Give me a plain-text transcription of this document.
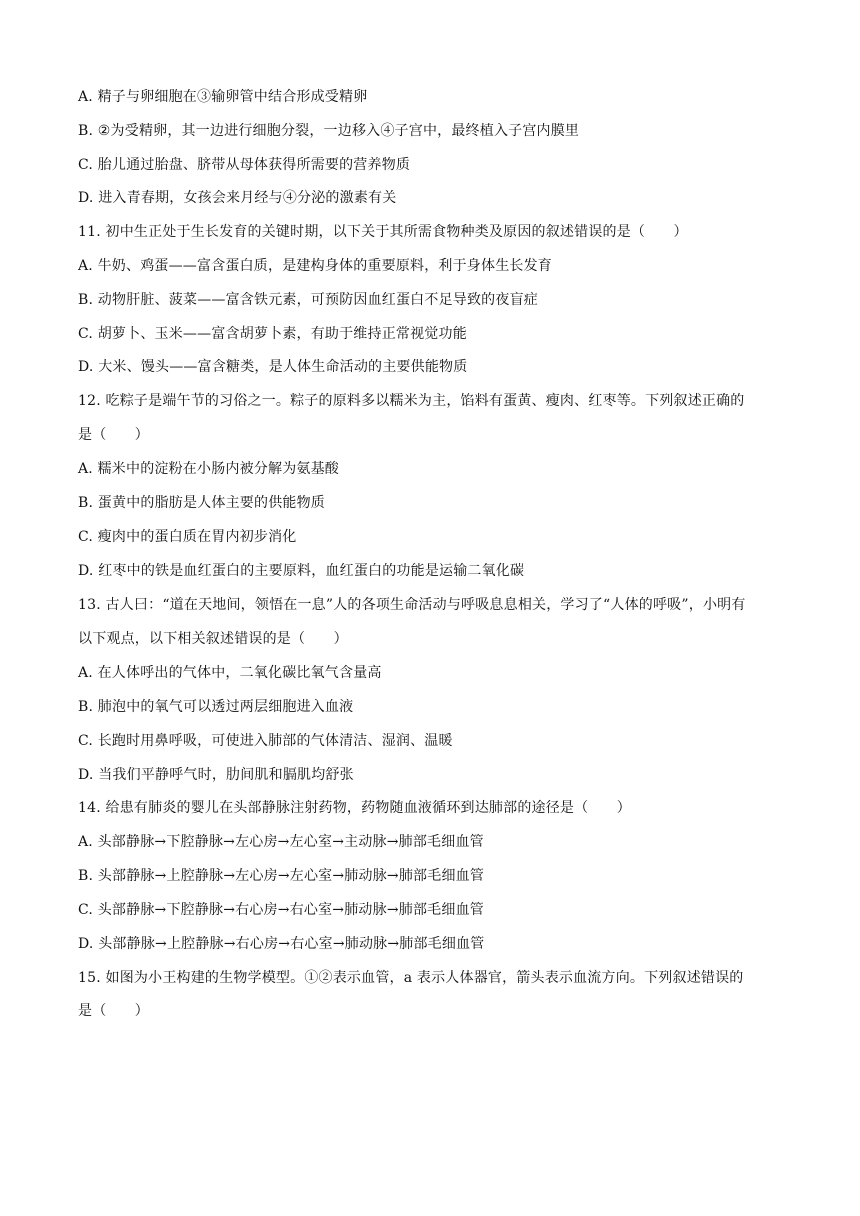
A. 精子与卵细胞在③输卵管中结合形成受精卵
B. ②为受精卵，其一边进行细胞分裂，一边移入④子宫中，最终植入子宫内膜里
C. 胎儿通过胎盘、脐带从母体获得所需要的营养物质
D. 进入青春期，女孩会来月经与④分泌的激素有关
11. 初中生正处于生长发育的关键时期，以下关于其所需食物种类及原因的叙述错误的是（　　）
A. 牛奶、鸡蛋——富含蛋白质，是建构身体的重要原料，利于身体生长发育
B. 动物肝脏、菠菜——富含铁元素，可预防因血红蛋白不足导致的夜盲症
C. 胡萝卜、玉米——富含胡萝卜素，有助于维持正常视觉功能
D. 大米、馒头——富含糖类，是人体生命活动的主要供能物质
12. 吃粽子是端午节的习俗之一。粽子的原料多以糯米为主，馅料有蛋黄、瘦肉、红枣等。下列叙述正确的
是（　　）
A. 糯米中的淀粉在小肠内被分解为氨基酸
B. 蛋黄中的脂肪是人体主要的供能物质
C. 瘦肉中的蛋白质在胃内初步消化
D. 红枣中的铁是血红蛋白的主要原料，血红蛋白的功能是运输二氧化碳
13. 古人曰：“道在天地间，领悟在一息”人的各项生命活动与呼吸息息相关，学习了“人体的呼吸”，小明有
以下观点，以下相关叙述错误的是（　　）
A. 在人体呼出的气体中，二氧化碳比氧气含量高
B. 肺泡中的氧气可以透过两层细胞进入血液
C. 长跑时用鼻呼吸，可使进入肺部的气体清洁、湿润、温暖
D. 当我们平静呼气时，肋间肌和膈肌均舒张
14. 给患有肺炎的婴儿在头部静脉注射药物，药物随血液循环到达肺部的途径是（　　）
A. 头部静脉→下腔静脉→左心房→左心室→主动脉→肺部毛细血管
B. 头部静脉→上腔静脉→左心房→左心室→肺动脉→肺部毛细血管
C. 头部静脉→下腔静脉→右心房→右心室→肺动脉→肺部毛细血管
D. 头部静脉→上腔静脉→右心房→右心室→肺动脉→肺部毛细血管
15. 如图为小王构建的生物学模型。①②表示血管，a 表示人体器官，箭头表示血流方向。下列叙述错误的
是（　　）
